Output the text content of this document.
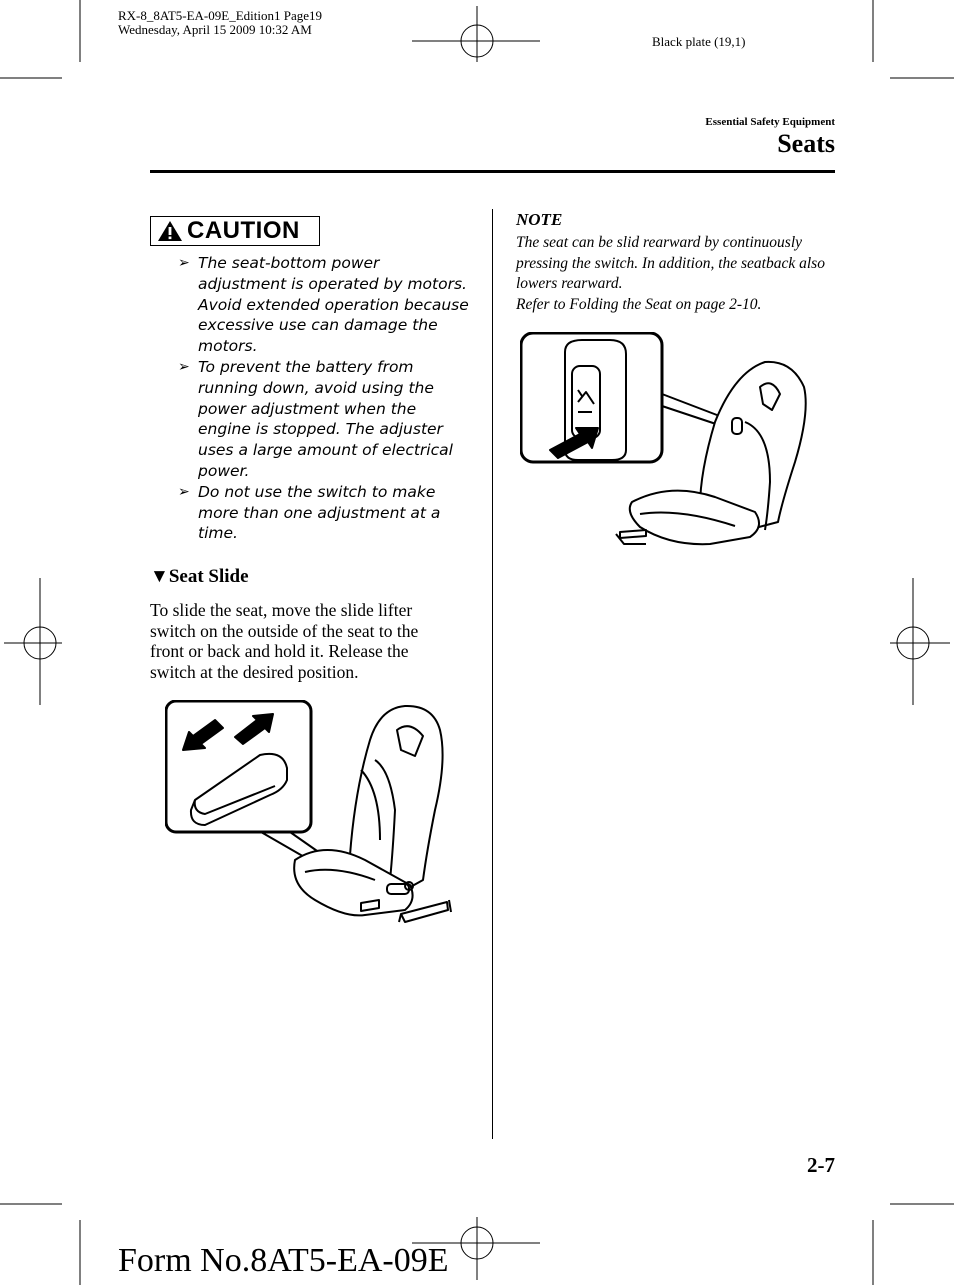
RX-8_8AT5-EA-09E_Edition1 Page19
Wednesday, April 15 2009 10:32 AM
Black plate (19,1)
Essential Safety Equipment
Seats
CAUTION
➢ The seat-bottom power adjustment is operated by motors. Avoid extended operation because excessive use can damage the motors.
➢ To prevent the battery from running down, avoid using the power adjustment when the engine is stopped. The adjuster uses a large amount of electrical power.
➢ Do not use the switch to make more than one adjustment at a time.
▼Seat Slide
To slide the seat, move the slide lifter switch on the outside of the seat to the front or back and hold it. Release the switch at the desired position.
NOTE
The seat can be slid rearward by continuously pressing the switch. In addition, the seatback also lowers rearward.
Refer to Folding the Seat on page 2-10.
2-7
Form No.8AT5-EA-09E
